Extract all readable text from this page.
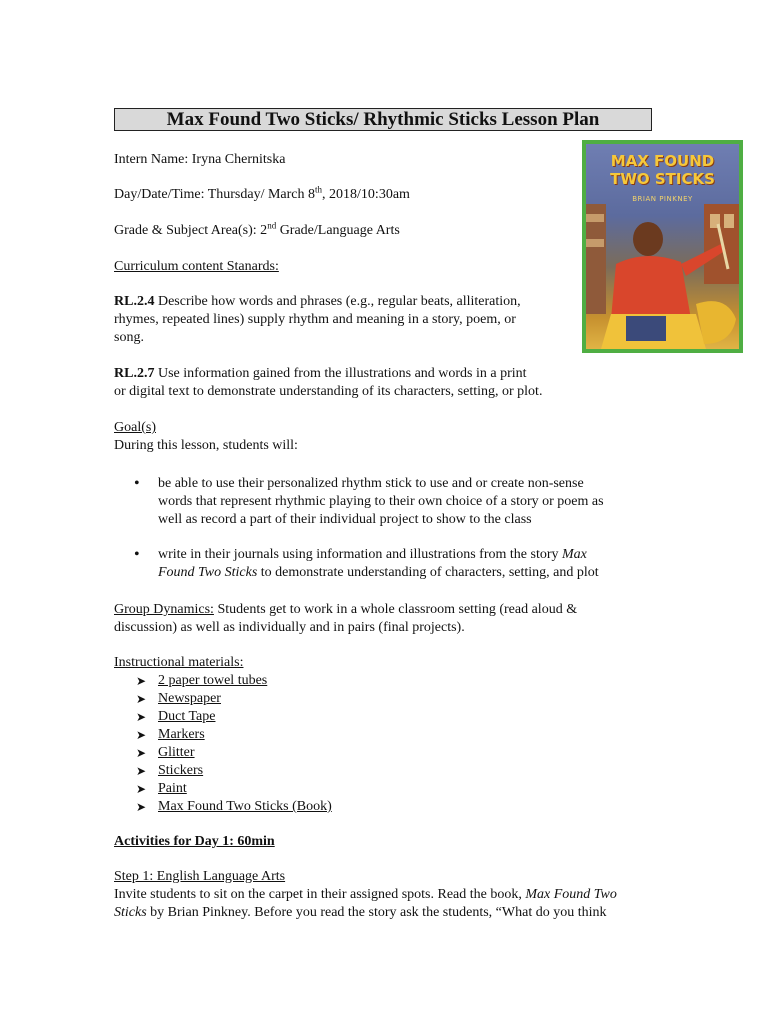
Max Found Two Sticks/ Rhythmic Sticks Lesson Plan
MAX FOUND
TWO STICKS
BRIAN PINKNEY
Intern Name: Iryna Chernitska
Day/Date/Time: Thursday/ March 8th, 2018/10:30am
Grade & Subject Area(s): 2nd Grade/Language Arts
Curriculum content Stanards:
RL.2.4 Describe how words and phrases (e.g., regular beats, alliteration,
rhymes, repeated lines) supply rhythm and meaning in a story, poem, or
song.
RL.2.7 Use information gained from the illustrations and words in a print
or digital text to demonstrate understanding of its characters, setting, or plot.
Goal(s)
During this lesson, students will:
• be able to use their personalized rhythm stick to use and or create non-sense
words that represent rhythmic playing to their own choice of a story or poem as
well as record a part of their individual project to show to the class
• write in their journals using information and illustrations from the story Max
Found Two Sticks to demonstrate understanding of characters, setting, and plot
Group Dynamics: Students get to work in a whole classroom setting (read aloud &
discussion) as well as individually and in pairs (final projects).
Instructional materials:
➤ 2 paper towel tubes
➤ Newspaper
➤ Duct Tape
➤ Markers
➤ Glitter
➤ Stickers
➤ Paint
➤ Max Found Two Sticks (Book)
Activities for Day 1: 60min
Step 1: English Language Arts
Invite students to sit on the carpet in their assigned spots. Read the book, Max Found Two
Sticks by Brian Pinkney. Before you read the story ask the students, “What do you think
